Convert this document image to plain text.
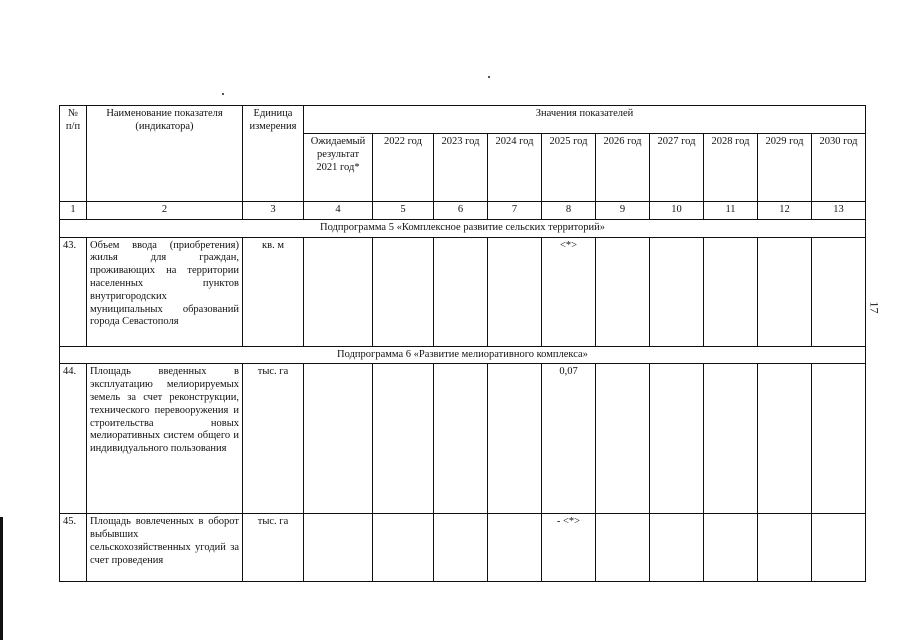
17
№ п/п	Наименование показателя (индикатора)	Единица измерения	Значения показателей									
			Ожидаемый результат 2021 год*	2022 год	2023 год	2024 год	2025 год	2026 год	2027 год	2028 год	2029 год	2030 год
1	2	3	4	5	6	7	8	9	10	11	12	13
Подпрограмма 5 «Комплексное развитие сельских территорий»												
43.	Объем ввода (приобретения) жилья для граждан, проживающих на территории населенных пунктов внутригородских муниципальных образований города Севастополя	кв. м					<*>					
Подпрограмма 6 «Развитие мелиоративного комплекса»												
44.	Площадь введенных в эксплуатацию мелиорируемых земель за счет реконструкции, технического перевооружения и строительства новых мелиоративных систем общего и индивидуального пользования	тыс. га					0,07					
45.	Площадь вовлеченных в оборот выбывших сельскохозяйственных угодий за счет проведения	тыс. га					- <*>					
